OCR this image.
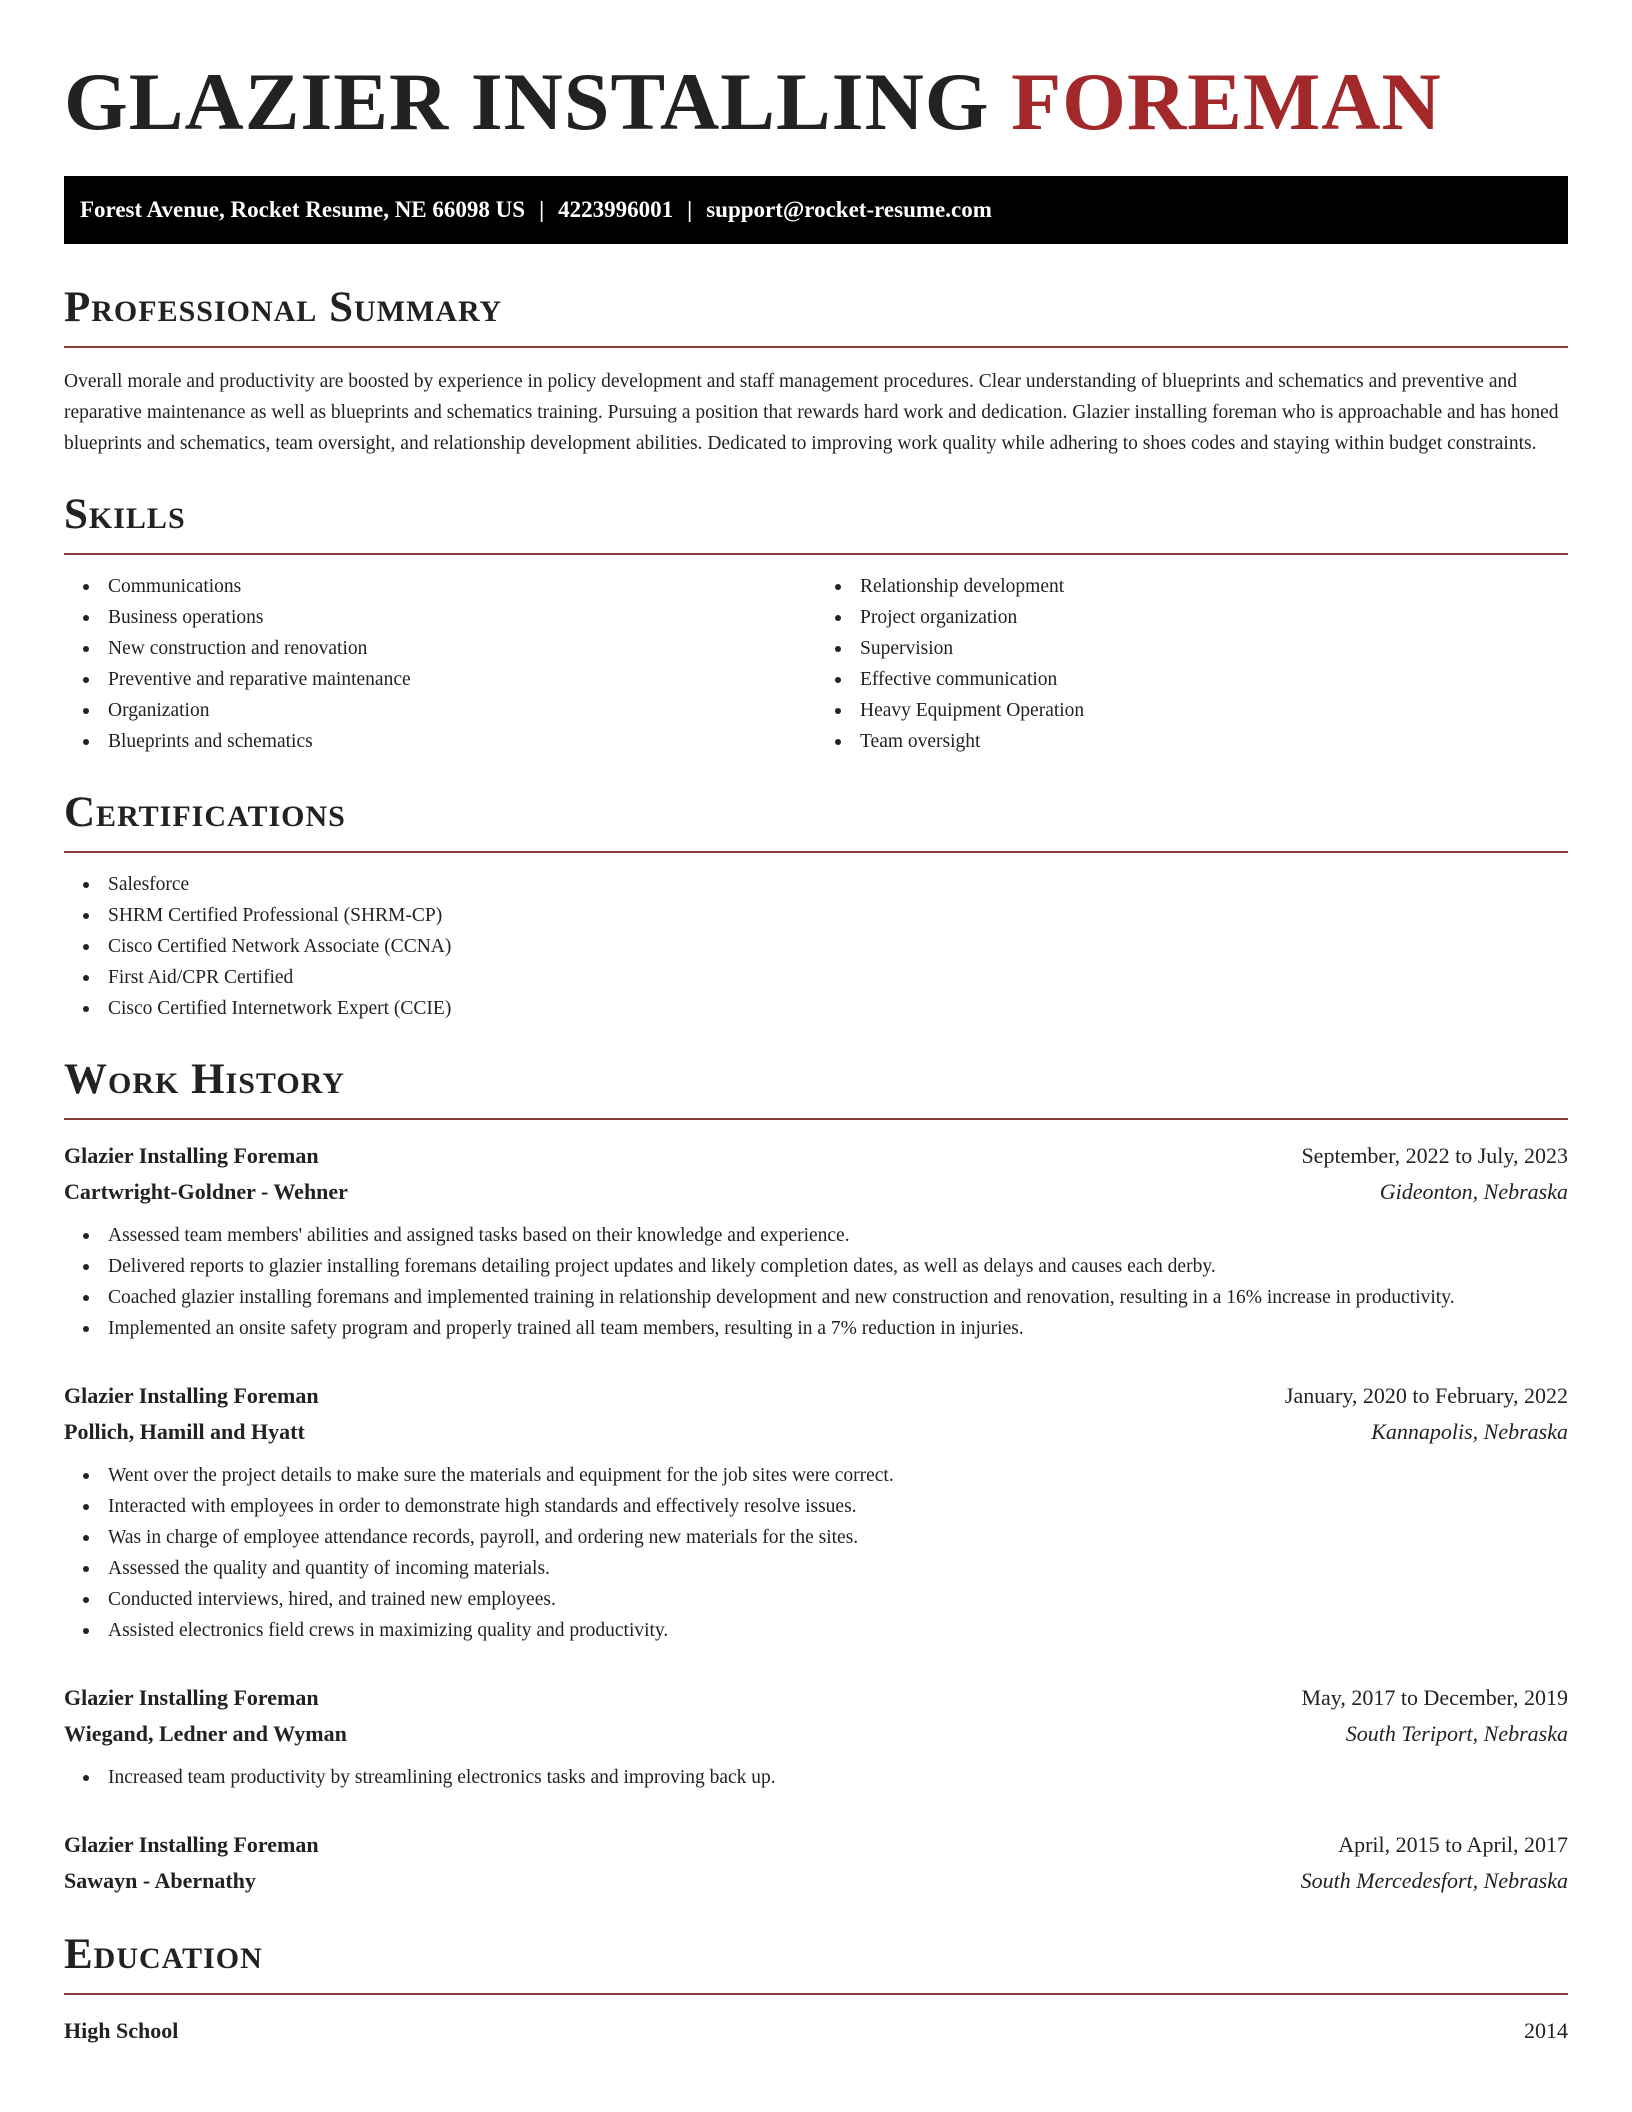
GLAZIER INSTALLING FOREMAN
Forest Avenue, Rocket Resume, NE 66098 US | 4223996001 | support@rocket-resume.com
Professional Summary

Overall morale and productivity are boosted by experience in policy development and staff management procedures. Clear understanding of blueprints and schematics and preventive and reparative maintenance as well as blueprints and schematics training. Pursuing a position that rewards hard work and dedication. Glazier installing foreman who is approachable and has honed blueprints and schematics, team oversight, and relationship development abilities. Dedicated to improving work quality while adhering to shoes codes and staying within budget constraints.

Skills
Communications
Business operations
New construction and renovation
Preventive and reparative maintenance
Organization
Blueprints and schematics
Relationship development
Project organization
Supervision
Effective communication
Heavy Equipment Operation
Team oversight
Certifications
Salesforce
SHRM Certified Professional (SHRM-CP)
Cisco Certified Network Associate (CCNA)
First Aid/CPR Certified
Cisco Certified Internetwork Expert (CCIE)
Work History
Glazier Installing Foreman	September, 2022 to July, 2023
Cartwright-Goldner - Wehner	Gideonton, Nebraska
Assessed team members' abilities and assigned tasks based on their knowledge and experience.
Delivered reports to glazier installing foremans detailing project updates and likely completion dates, as well as delays and causes each derby.
Coached glazier installing foremans and implemented training in relationship development and new construction and renovation, resulting in a 16% increase in productivity.
Implemented an onsite safety program and properly trained all team members, resulting in a 7% reduction in injuries.
Glazier Installing Foreman	January, 2020 to February, 2022
Pollich, Hamill and Hyatt	Kannapolis, Nebraska
Went over the project details to make sure the materials and equipment for the job sites were correct.
Interacted with employees in order to demonstrate high standards and effectively resolve issues.
Was in charge of employee attendance records, payroll, and ordering new materials for the sites.
Assessed the quality and quantity of incoming materials.
Conducted interviews, hired, and trained new employees.
Assisted electronics field crews in maximizing quality and productivity.
Glazier Installing Foreman	May, 2017 to December, 2019
Wiegand, Ledner and Wyman	South Teriport, Nebraska
Increased team productivity by streamlining electronics tasks and improving back up.
Glazier Installing Foreman	April, 2015 to April, 2017
Sawayn - Abernathy	South Mercedesfort, Nebraska
Education
High School	2014
